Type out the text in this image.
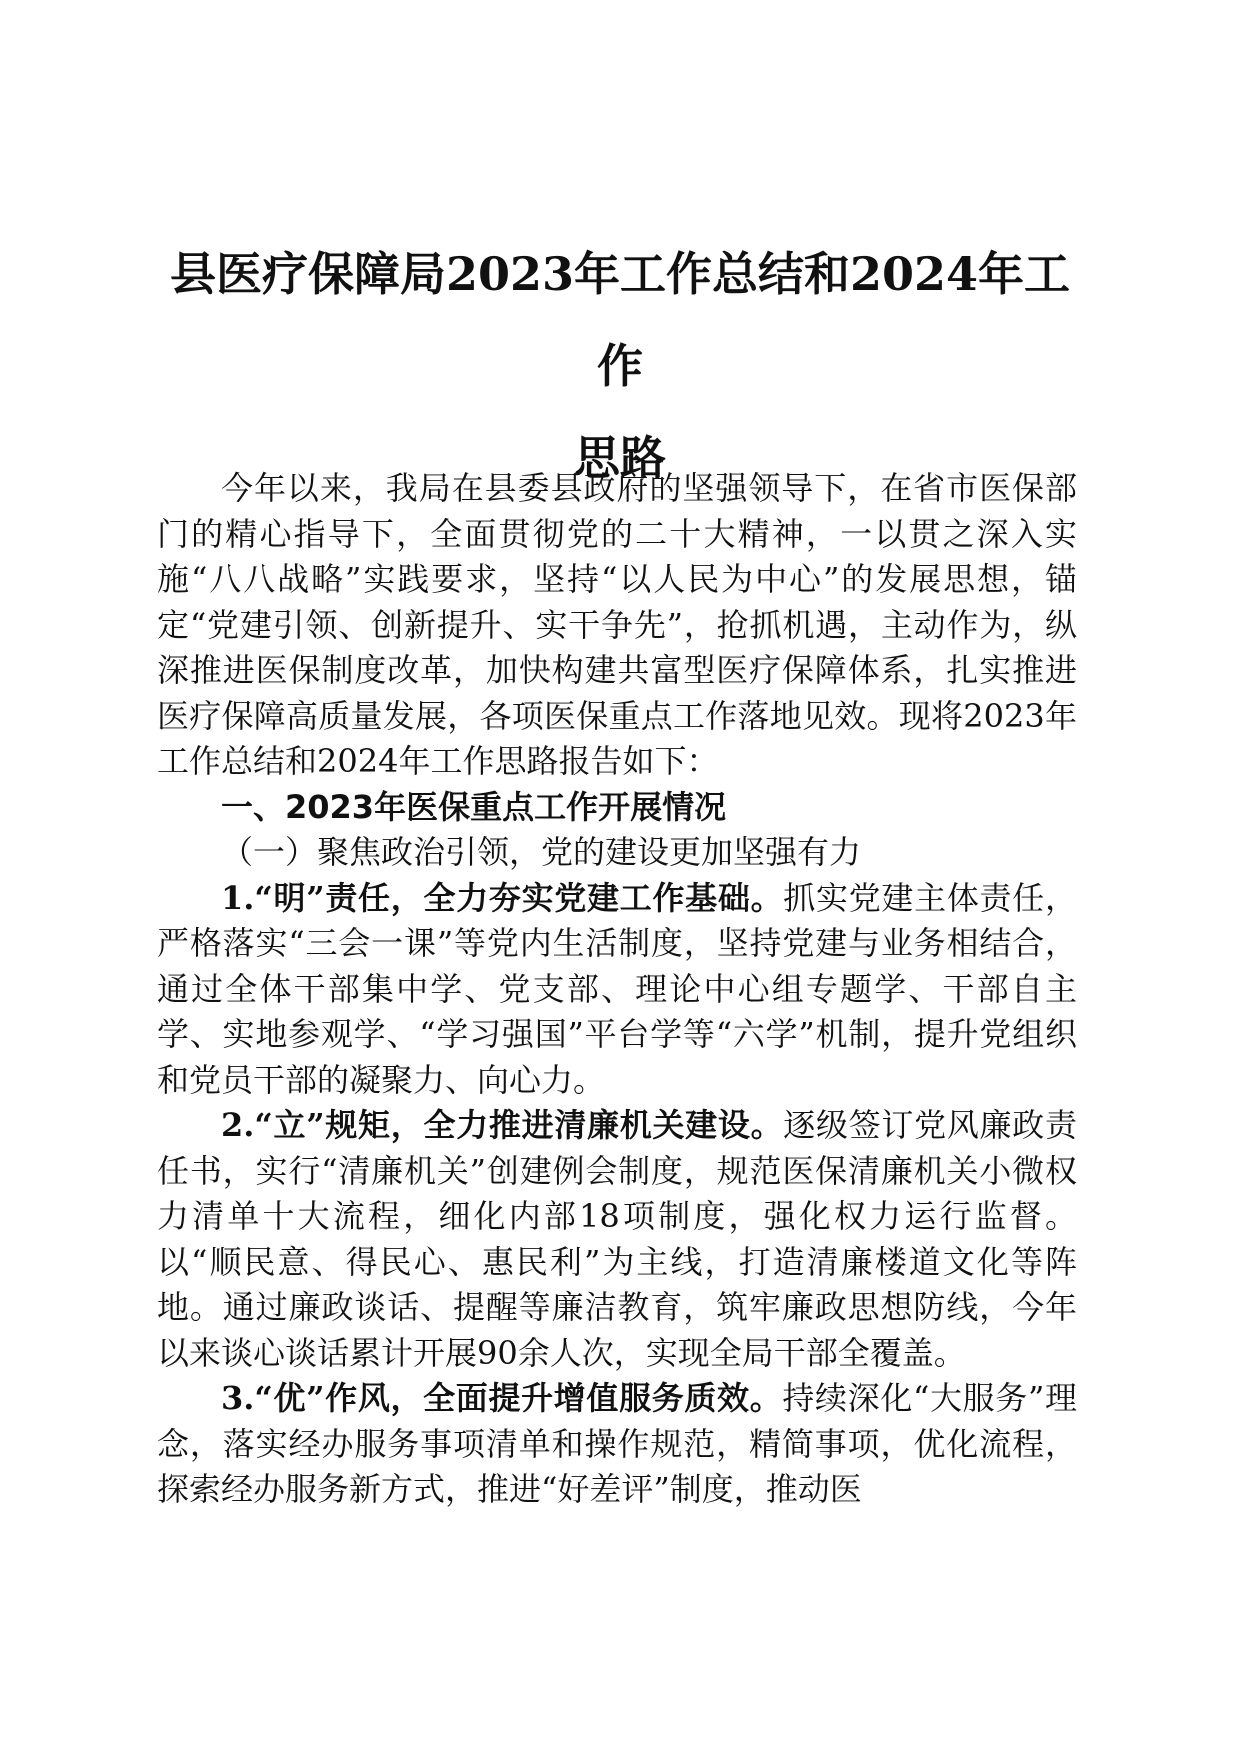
县医疗保障局2023年工作总结和2024年工作
思路

今年以来，我局在县委县政府的坚强领导下，在省市医保部门的精心指导下，全面贯彻党的二十大精神，一以贯之深入实施“八八战略”实践要求，坚持“以人民为中心”的发展思想，锚定“党建引领、创新提升、实干争先”，抢抓机遇，主动作为，纵深推进医保制度改革，加快构建共富型医疗保障体系，扎实推进医疗保障高质量发展，各项医保重点工作落地见效。现将2023年工作总结和2024年工作思路报告如下：

一、2023年医保重点工作开展情况

（一）聚焦政治引领，党的建设更加坚强有力

1.“明”责任，全力夯实党建工作基础。抓实党建主体责任，严格落实“三会一课”等党内生活制度，坚持党建与业务相结合，通过全体干部集中学、党支部、理论中心组专题学、干部自主学、实地参观学、“学习强国”平台学等“六学”机制，提升党组织和党员干部的凝聚力、向心力。

2.“立”规矩，全力推进清廉机关建设。逐级签订党风廉政责任书，实行“清廉机关”创建例会制度，规范医保清廉机关小微权力清单十大流程，细化内部18项制度，强化权力运行监督。以“顺民意、得民心、惠民利”为主线，打造清廉楼道文化等阵地。通过廉政谈话、提醒等廉洁教育，筑牢廉政思想防线，今年以来谈心谈话累计开展90余人次，实现全局干部全覆盖。

3.“优”作风，全面提升增值服务质效。持续深化“大服务”理念，落实经办服务事项清单和操作规范，精简事项，优化流程，探索经办服务新方式，推进“好差评”制度，推动医
